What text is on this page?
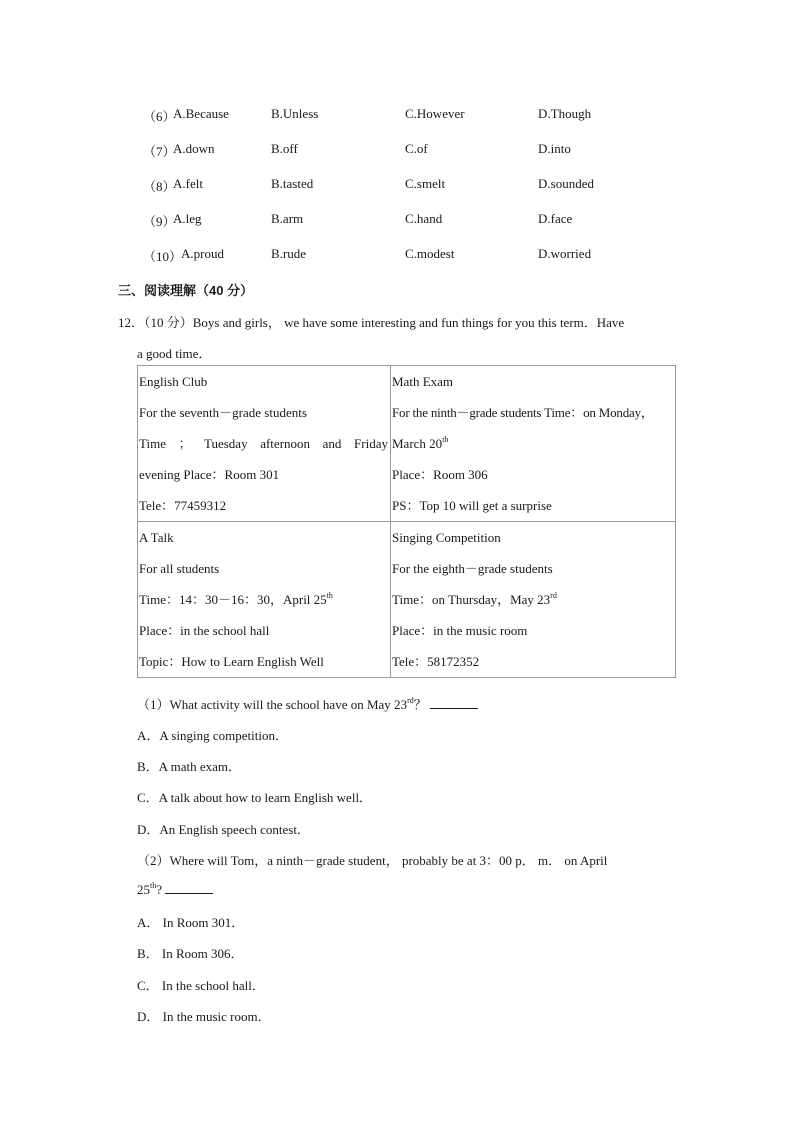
（6）
A.Because	B.Unless	C.However	D.Though
（7）
A.down	B.off	C.of	D.into
（8）
A.felt	B.tasted	C.smelt	D.sounded
（9）
A.leg	B.arm	C.hand	D.face
（10）
A.proud	B.rude	C.modest	D.worried
三、阅读理解（40 分）
12．（10 分）Boys and girls， we have some interesting and fun things for you this term．Have
a good time．
English Club
For the seventh－grade students
Time ； Tuesday afternoon and Friday
evening Place：Room 301
Tele：77459312	Math Exam
For the ninth－grade students Time：on Monday，
March 20th
Place：Room 306
PS：Top 10 will get a surprise

A Talk
For all students
Time：14：30－16：30，April 25th
Place：in the school hall
Topic：How to Learn English Well	Singing Competition
For the eighth－grade students
Time：on Thursday，May 23rd
Place：in the music room
Tele：58172352
（1）What activity will the school have on May 23rd？
A．A singing competition．
B．A math exam．
C．A talk about how to learn English well．
D．An English speech contest．
（2）Where will Tom，a ninth－grade student， probably be at 3：00 p． m． on April
25th?
A． In Room 301．
B． In Room 306．
C． In the school hall．
D． In the music room．
